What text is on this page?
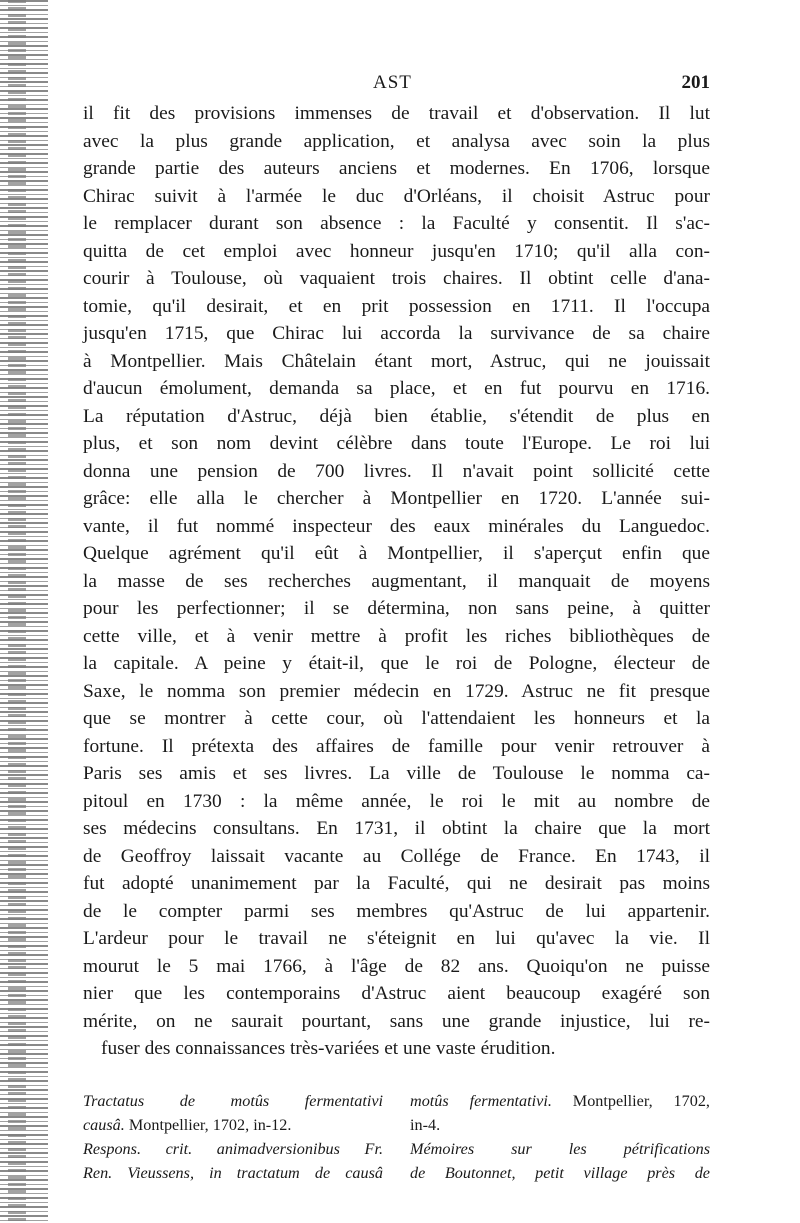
AST	201
il fit des provisions immenses de travail et d'observation. Il lut
avec la plus grande application, et analysa avec soin la plus
grande partie des auteurs anciens et modernes. En 1706, lorsque
Chirac suivit à l'armée le duc d'Orléans, il choisit Astruc pour
le remplacer durant son absence : la Faculté y consentit. Il s'ac-
quitta de cet emploi avec honneur jusqu'en 1710; qu'il alla con-
courir à Toulouse, où vaquaient trois chaires. Il obtint celle d'ana-
tomie, qu'il desirait, et en prit possession en 1711. Il l'occupa
jusqu'en 1715, que Chirac lui accorda la survivance de sa chaire
à Montpellier. Mais Châtelain étant mort, Astruc, qui ne jouissait
d'aucun émolument, demanda sa place, et en fut pourvu en 1716.
La réputation d'Astruc, déjà bien établie, s'étendit de plus en
plus, et son nom devint célèbre dans toute l'Europe. Le roi lui
donna une pension de 700 livres. Il n'avait point sollicité cette
grâce: elle alla le chercher à Montpellier en 1720. L'année sui-
vante, il fut nommé inspecteur des eaux minérales du Languedoc.
Quelque agrément qu'il eût à Montpellier, il s'aperçut enfin que
la masse de ses recherches augmentant, il manquait de moyens
pour les perfectionner; il se détermina, non sans peine, à quitter
cette ville, et à venir mettre à profit les riches bibliothèques de
la capitale. A peine y était-il, que le roi de Pologne, électeur de
Saxe, le nomma son premier médecin en 1729. Astruc ne fit presque
que se montrer à cette cour, où l'attendaient les honneurs et la
fortune. Il prétexta des affaires de famille pour venir retrouver à
Paris ses amis et ses livres. La ville de Toulouse le nomma ca-
pitoul en 1730 : la même année, le roi le mit au nombre de
ses médecins consultans. En 1731, il obtint la chaire que la mort
de Geoffroy laissait vacante au Collége de France. En 1743, il
fut adopté unanimement par la Faculté, qui ne desirait pas moins
de le compter parmi ses membres qu'Astruc de lui appartenir.
L'ardeur pour le travail ne s'éteignit en lui qu'avec la vie. Il
mourut le 5 mai 1766, à l'âge de 82 ans. Quoiqu'on ne puisse
nier que les contemporains d'Astruc aient beaucoup exagéré son
mérite, on ne saurait pourtant, sans une grande injustice, lui re-
fuser des connaissances très-variées et une vaste érudition.
Tractatus de motûs fermentativi
causâ. Montpellier, 1702, in-12.
Respons. crit. animadversionibus Fr.
Ren. Vieussens, in tractatum de causâ
motûs fermentativi. Montpellier, 1702,
in-4.
Mémoires sur les pétrifications
de Boutonnet, petit village près de
